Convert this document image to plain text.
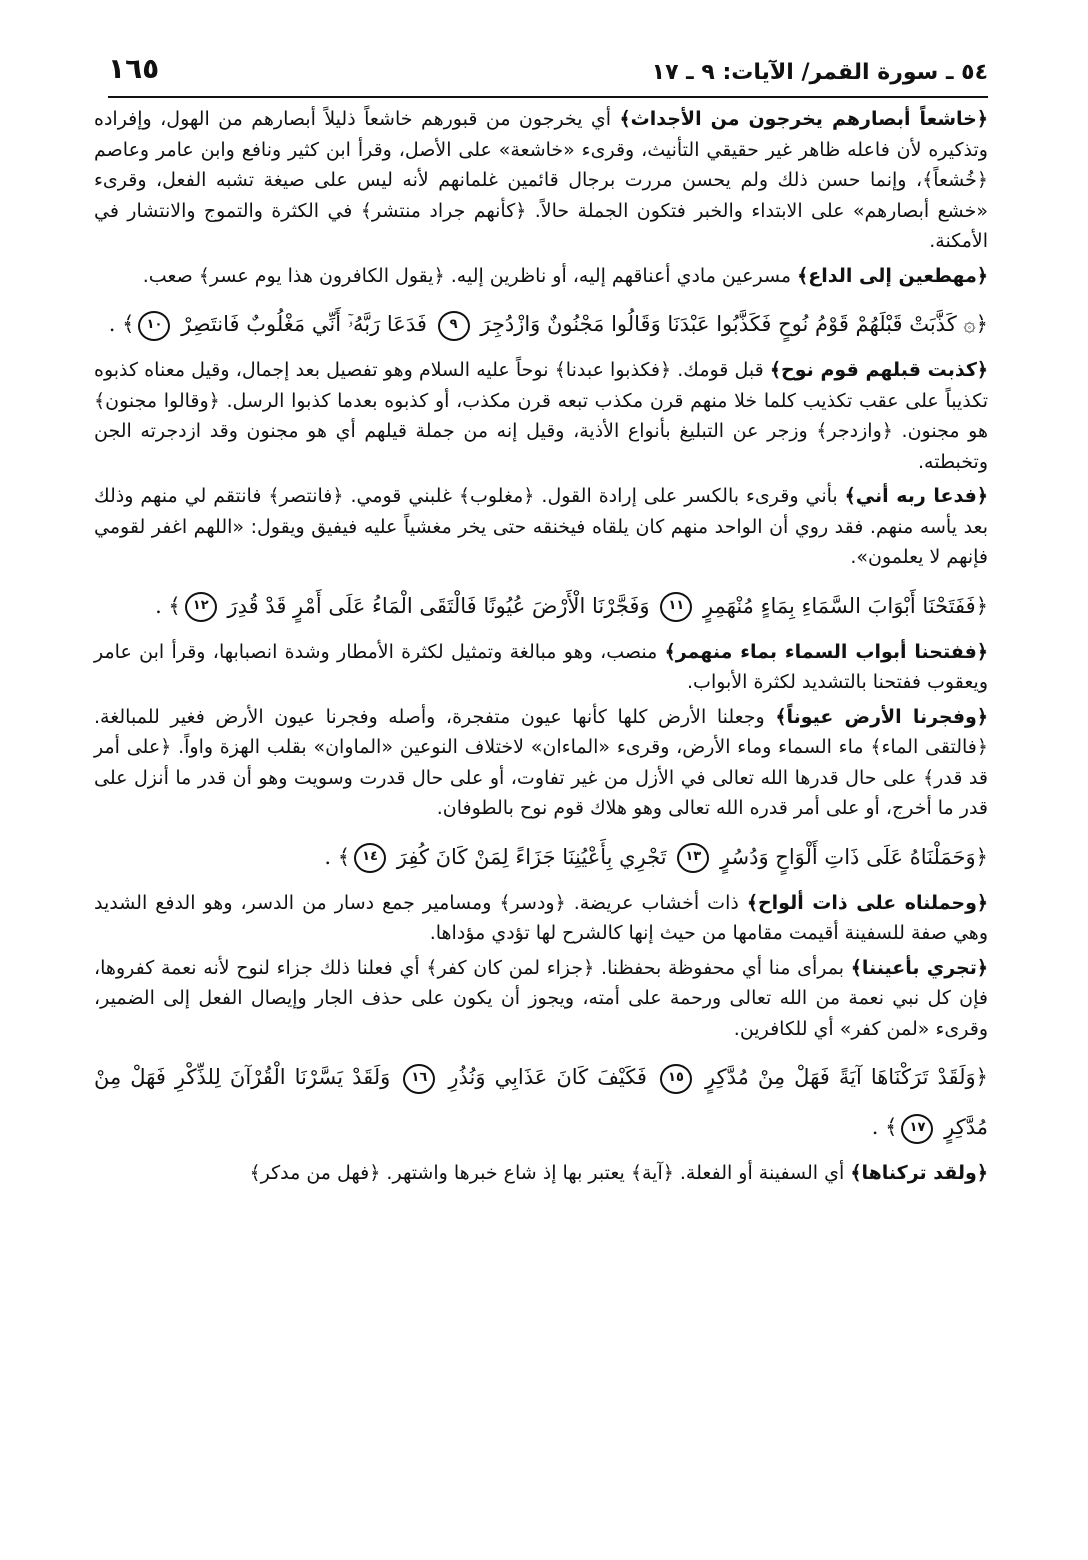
٥٤ ـ سورة القمر/ الآيات: ٩ ـ ١٧
١٦٥

﴿خاشعاً أبصارهم يخرجون من الأجداث﴾ أي يخرجون من قبورهم خاشعاً ذليلاً أبصارهم من الهول، وإفراده وتذكيره لأن فاعله ظاهر غير حقيقي التأنيث، وقرىء «خاشعة» على الأصل، وقرأ ابن كثير ونافع وابن عامر وعاصم ﴿خُشعاً﴾، وإنما حسن ذلك ولم يحسن مررت برجال قائمين غلمانهم لأنه ليس على صيغة تشبه الفعل، وقرىء «خشع أبصارهم» على الابتداء والخبر فتكون الجملة حالاً. ﴿كأنهم جراد منتشر﴾ في الكثرة والتموج والانتشار في الأمكنة.

﴿مهطعين إلى الداع﴾ مسرعين مادي أعناقهم إليه، أو ناظرين إليه. ﴿يقول الكافرون هذا يوم عسر﴾ صعب.

﴿۞ كَذَّبَتْ قَبْلَهُمْ قَوْمُ نُوحٍ فَكَذَّبُوا عَبْدَنَا وَقَالُوا مَجْنُونٌ وَازْدُجِرَ ٩ فَدَعَا رَبَّهُۥٓ أَنِّي مَغْلُوبٌ فَانتَصِرْ ١٠﴾ .

﴿كذبت قبلهم قوم نوح﴾ قبل قومك. ﴿فكذبوا عبدنا﴾ نوحاً عليه السلام وهو تفصيل بعد إجمال، وقيل معناه كذبوه تكذيباً على عقب تكذيب كلما خلا منهم قرن مكذب تبعه قرن مكذب، أو كذبوه بعدما كذبوا الرسل. ﴿وقالوا مجنون﴾ هو مجنون. ﴿وازدجر﴾ وزجر عن التبليغ بأنواع الأذية، وقيل إنه من جملة قيلهم أي هو مجنون وقد ازدجرته الجن وتخبطته.

﴿فدعا ربه أني﴾ بأني وقرىء بالكسر على إرادة القول. ﴿مغلوب﴾ غلبني قومي. ﴿فانتصر﴾ فانتقم لي منهم وذلك بعد يأسه منهم. فقد روي أن الواحد منهم كان يلقاه فيخنقه حتى يخر مغشياً عليه فيفيق ويقول: «اللهم اغفر لقومي فإنهم لا يعلمون».

﴿فَفَتَحْنَا أَبْوَابَ السَّمَاءِ بِمَاءٍ مُنْهَمِرٍ ١١ وَفَجَّرْنَا الْأَرْضَ عُيُونًا فَالْتَقَى الْمَاءُ عَلَى أَمْرٍ قَدْ قُدِرَ ١٢﴾ .

﴿ففتحنا أبواب السماء بماء منهمر﴾ منصب، وهو مبالغة وتمثيل لكثرة الأمطار وشدة انصبابها، وقرأ ابن عامر ويعقوب ففتحنا بالتشديد لكثرة الأبواب.

﴿وفجرنا الأرض عيوناً﴾ وجعلنا الأرض كلها كأنها عيون متفجرة، وأصله وفجرنا عيون الأرض فغير للمبالغة. ﴿فالتقى الماء﴾ ماء السماء وماء الأرض، وقرىء «الماءان» لاختلاف النوعين «الماوان» بقلب الهزة واواً. ﴿على أمر قد قدر﴾ على حال قدرها الله تعالى في الأزل من غير تفاوت، أو على حال قدرت وسويت وهو أن قدر ما أنزل على قدر ما أخرج، أو على أمر قدره الله تعالى وهو هلاك قوم نوح بالطوفان.

﴿وَحَمَلْنَاهُ عَلَى ذَاتِ أَلْوَاحٍ وَدُسُرٍ ١٣ تَجْرِي بِأَعْيُنِنَا جَزَاءً لِمَنْ كَانَ كُفِرَ ١٤﴾ .

﴿وحملناه على ذات ألواح﴾ ذات أخشاب عريضة. ﴿ودسر﴾ ومسامير جمع دسار من الدسر، وهو الدفع الشديد وهي صفة للسفينة أقيمت مقامها من حيث إنها كالشرح لها تؤدي مؤداها.

﴿تجري بأعيننا﴾ بمرأى منا أي محفوظة بحفظنا. ﴿جزاء لمن كان كفر﴾ أي فعلنا ذلك جزاء لنوح لأنه نعمة كفروها، فإن كل نبي نعمة من الله تعالى ورحمة على أمته، ويجوز أن يكون على حذف الجار وإيصال الفعل إلى الضمير، وقرىء «لمن كفر» أي للكافرين.

﴿وَلَقَدْ تَرَكْنَاهَا آيَةً فَهَلْ مِنْ مُدَّكِرٍ ١٥ فَكَيْفَ كَانَ عَذَابِي وَنُذُرِ ١٦ وَلَقَدْ يَسَّرْنَا الْقُرْآنَ لِلذِّكْرِ فَهَلْ مِنْ مُدَّكِرٍ ١٧﴾ .

﴿ولقد تركناها﴾ أي السفينة أو الفعلة. ﴿آية﴾ يعتبر بها إذ شاع خبرها واشتهر. ﴿فهل من مدكر﴾
